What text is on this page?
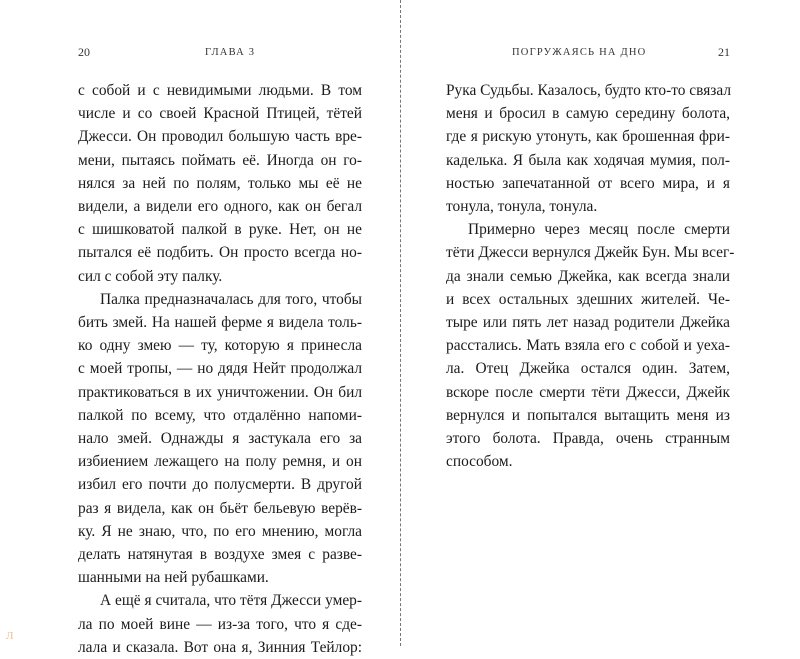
20	ГЛАВА 3
с собой и с невидимыми людьми. В том
числе и со своей Красной Птицей, тётей
Джесси. Он проводил большую часть вре-
мени, пытаясь поймать её. Иногда он го-
нялся за ней по полям, только мы её не
видели, а видели его одного, как он бегал
с шишковатой палкой в руке. Нет, он не
пытался её подбить. Он просто всегда но-
сил с собой эту палку.
Палка предназначалась для того, чтобы
бить змей. На нашей ферме я видела толь-
ко одну змею — ту, которую я принесла
с моей тропы, — но дядя Нейт продолжал
практиковаться в их уничтожении. Он бил
палкой по всему, что отдалённо напоми-
нало змей. Однажды я застукала его за
избиением лежащего на полу ремня, и он
избил его почти до полусмерти. В другой
раз я видела, как он бьёт бельевую верёв-
ку. Я не знаю, что, по его мнению, могла
делать натянутая в воздухе змея с разве-
шанными на ней рубашками.
А ещё я считала, что тётя Джесси умер-
ла по моей вине — из-за того, что я сде-
лала и сказала. Вот она я, Зинния Тейлор:
ПОГРУЖАЯСЬ НА ДНО	21
Рука Судьбы. Казалось, будто кто-то связал
меня и бросил в самую середину болота,
где я рискую утонуть, как брошенная фри-
каделька. Я была как ходячая мумия, пол-
ностью запечатанной от всего мира, и я
тонула, тонула, тонула.
Примерно через месяц после смерти
тёти Джесси вернулся Джейк Бун. Мы всег-
да знали семью Джейка, как всегда знали
и всех остальных здешних жителей. Че-
тыре или пять лет назад родители Джейка
расстались. Мать взяла его с собой и уеха-
ла. Отец Джейка остался один. Затем,
вскоре после смерти тёти Джесси, Джейк
вернулся и попытался вытащить меня из
этого болота. Правда, очень странным
способом.
Л
